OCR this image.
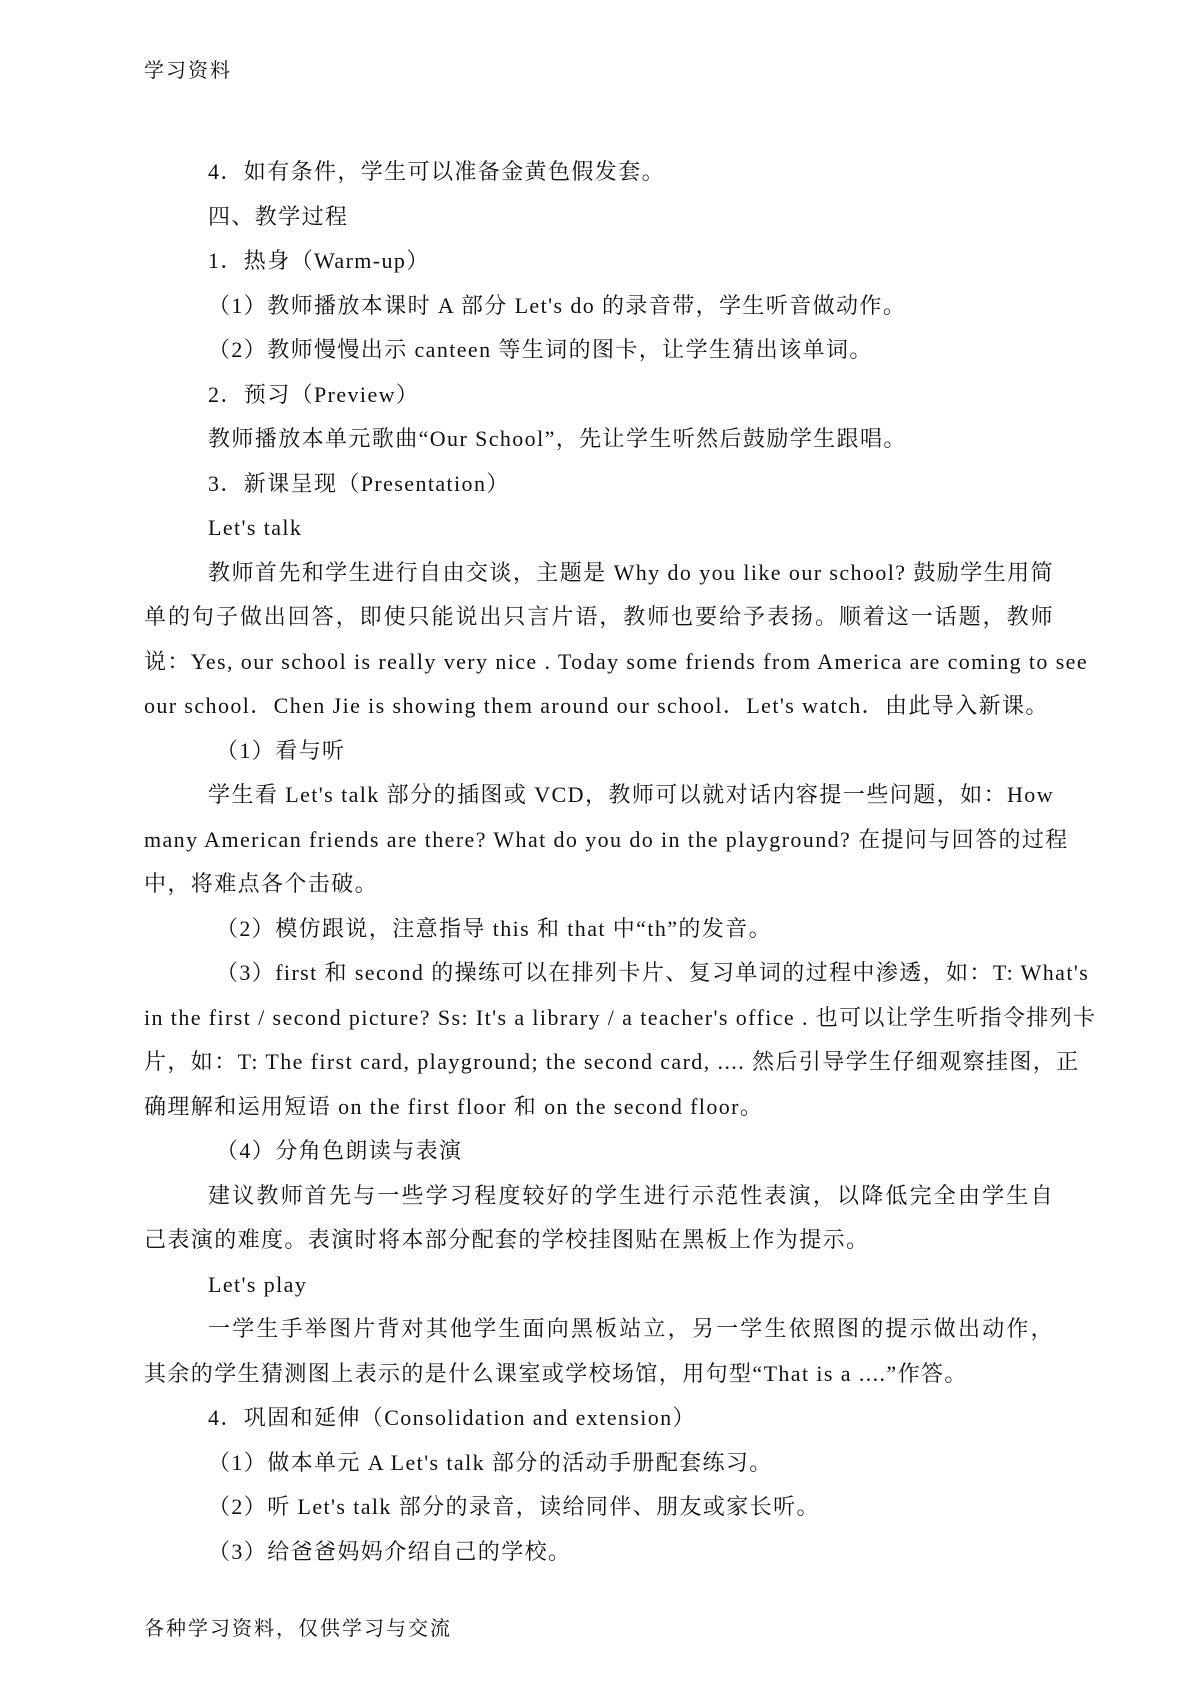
学习资料

4．如有条件，学生可以准备金黄色假发套。

四、教学过程

1．热身（Warm-up）

（1）教师播放本课时 A 部分 Let's do 的录音带，学生听音做动作。

（2）教师慢慢出示 canteen 等生词的图卡，让学生猜出该单词。

2．预习（Preview）

教师播放本单元歌曲“Our School”，先让学生听然后鼓励学生跟唱。

3．新课呈现（Presentation）

Let's talk

教师首先和学生进行自由交谈，主题是 Why do you like our school? 鼓励学生用简

单的句子做出回答，即使只能说出只言片语，教师也要给予表扬。顺着这一话题，教师

说：Yes, our school is really very nice . Today some friends from America are coming to see

our school．Chen Jie is showing them around our school．Let's watch．由此导入新课。

（1）看与听

学生看 Let's talk 部分的插图或 VCD，教师可以就对话内容提一些问题，如：How

many American friends are there? What do you do in the playground? 在提问与回答的过程

中，将难点各个击破。

（2）模仿跟说，注意指导 this 和 that 中“th”的发音。

（3）first 和 second 的操练可以在排列卡片、复习单词的过程中渗透，如：T: What's

in the first / second picture? Ss: It's a library / a teacher's office . 也可以让学生听指令排列卡

片，如：T: The first card, playground; the second card, .... 然后引导学生仔细观察挂图，正

确理解和运用短语 on the first floor 和 on the second floor。

（4）分角色朗读与表演

建议教师首先与一些学习程度较好的学生进行示范性表演，以降低完全由学生自

己表演的难度。表演时将本部分配套的学校挂图贴在黑板上作为提示。

Let's play

一学生手举图片背对其他学生面向黑板站立，另一学生依照图的提示做出动作，

其余的学生猜测图上表示的是什么课室或学校场馆，用句型“That is a ....”作答。

4．巩固和延伸（Consolidation and extension）

（1）做本单元 A Let's talk 部分的活动手册配套练习。

（2）听 Let's talk 部分的录音，读给同伴、朋友或家长听。

（3）给爸爸妈妈介绍自己的学校。

各种学习资料，仅供学习与交流
